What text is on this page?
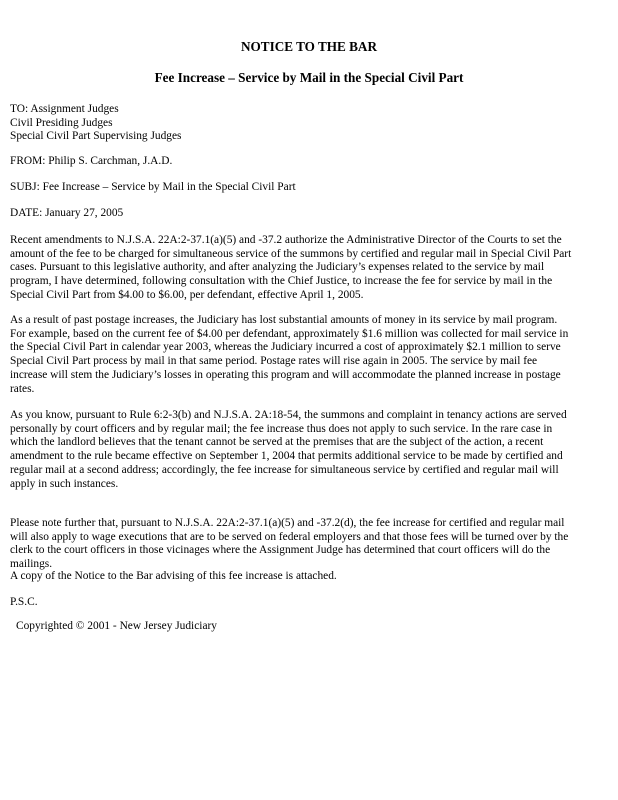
NOTICE TO THE BAR
Fee Increase – Service by Mail in the Special Civil Part
TO: Assignment Judges
Civil Presiding Judges
Special Civil Part Supervising Judges
FROM: Philip S. Carchman, J.A.D.
SUBJ: Fee Increase – Service by Mail in the Special Civil Part
DATE: January 27, 2005
Recent amendments to N.J.S.A. 22A:2-37.1(a)(5) and -37.2 authorize the Administrative Director of the Courts to set the
amount of the fee to be charged for simultaneous service of the summons by certified and regular mail in Special Civil Part
cases. Pursuant to this legislative authority, and after analyzing the Judiciary’s expenses related to the service by mail
program, I have determined, following consultation with the Chief Justice, to increase the fee for service by mail in the
Special Civil Part from $4.00 to $6.00, per defendant, effective April 1, 2005.
As a result of past postage increases, the Judiciary has lost substantial amounts of money in its service by mail program.
For example, based on the current fee of $4.00 per defendant, approximately $1.6 million was collected for mail service in
the Special Civil Part in calendar year 2003, whereas the Judiciary incurred a cost of approximately $2.1 million to serve
Special Civil Part process by mail in that same period. Postage rates will rise again in 2005. The service by mail fee
increase will stem the Judiciary’s losses in operating this program and will accommodate the planned increase in postage
rates.
As you know, pursuant to Rule 6:2-3(b) and N.J.S.A. 2A:18-54, the summons and complaint in tenancy actions are served
personally by court officers and by regular mail; the fee increase thus does not apply to such service. In the rare case in
which the landlord believes that the tenant cannot be served at the premises that are the subject of the action, a recent
amendment to the rule became effective on September 1, 2004 that permits additional service to be made by certified and
regular mail at a second address; accordingly, the fee increase for simultaneous service by certified and regular mail will
apply in such instances.
Please note further that, pursuant to N.J.S.A. 22A:2-37.1(a)(5) and -37.2(d), the fee increase for certified and regular mail
will also apply to wage executions that are to be served on federal employers and that those fees will be turned over by the
clerk to the court officers in those vicinages where the Assignment Judge has determined that court officers will do the
mailings.
A copy of the Notice to the Bar advising of this fee increase is attached.
P.S.C.
Copyrighted © 2001 - New Jersey Judiciary
